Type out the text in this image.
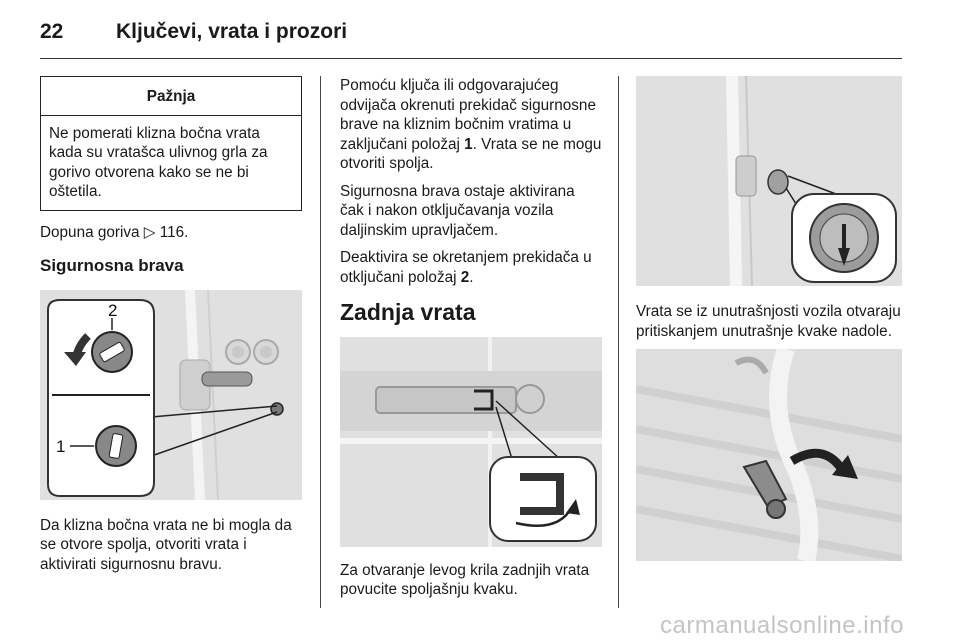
22	Ključevi, vrata i prozori
Pažnja
Ne pomerati klizna bočna vrata kada su vratašca ulivnog grla za gorivo otvorena kako se ne bi oštetila.

Dopuna goriva ▷ 116.

Sigurnosna brava
2
1

Da klizna bočna vrata ne bi mogla da se otvore spolja, otvoriti vrata i aktivirati sigurnosnu bravu.

Pomoću ključa ili odgovarajućeg odvijača okrenuti prekidač sigurnosne brave na kliznim bočnim vratima u zaključani položaj 1. Vrata se ne mogu otvoriti spolja.

Sigurnosna brava ostaje aktivirana čak i nakon otključavanja vozila daljinskim upravljačem.

Deaktivira se okretanjem prekidača u otključani položaj 2.

Zadnja vrata

Za otvaranje levog krila zadnjih vrata povucite spoljašnju kvaku.

Vrata se iz unutrašnjosti vozila otvaraju pritiskanjem unutrašnje kvake nadole.

carmanualsonline.info
